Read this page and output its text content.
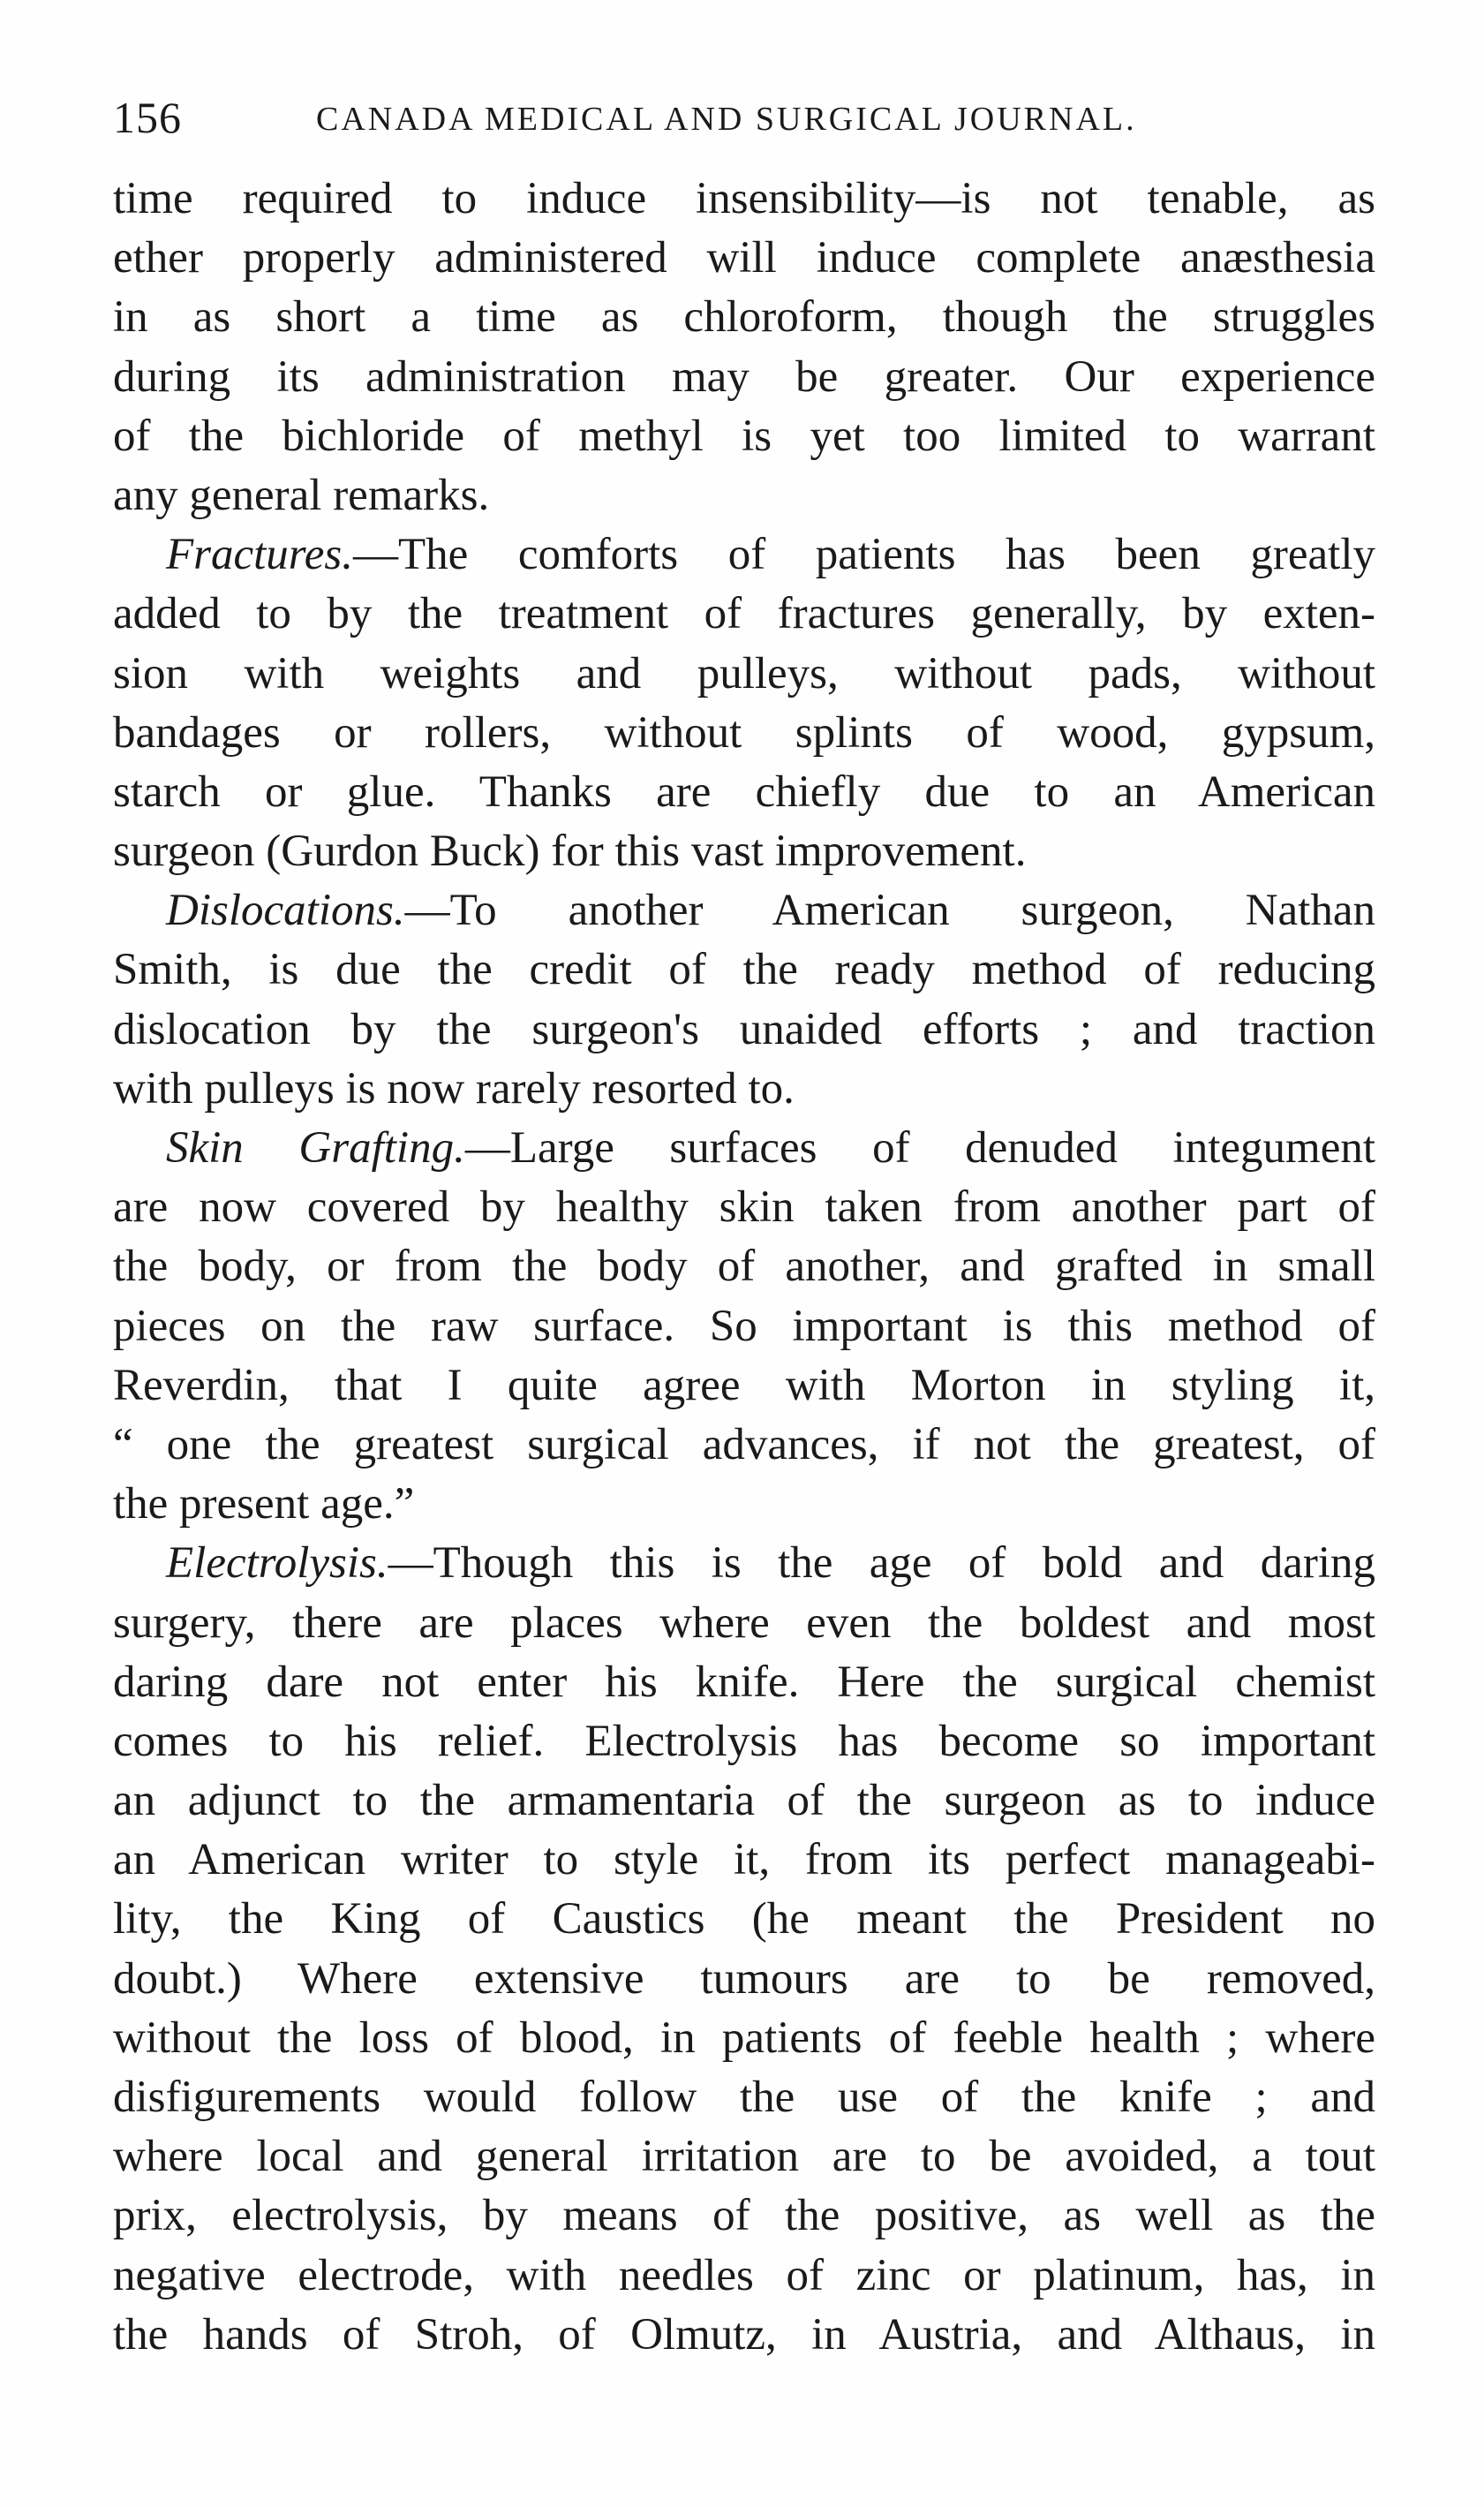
156	CANADA MEDICAL AND SURGICAL JOURNAL.
time required to induce insensibility—is not tenable, as
ether properly administered will induce complete anæsthesia
in as short a time as chloroform, though the struggles
during its administration may be greater. Our experience
of the bichloride of methyl is yet too limited to warrant
any general remarks.
Fractures.—The comforts of patients has been greatly
added to by the treatment of fractures generally, by exten-
sion with weights and pulleys, without pads, without
bandages or rollers, without splints of wood, gypsum,
starch or glue. Thanks are chiefly due to an American
surgeon (Gurdon Buck) for this vast improvement.
Dislocations.—To another American surgeon, Nathan
Smith, is due the credit of the ready method of reducing
dislocation by the surgeon's unaided efforts ; and traction
with pulleys is now rarely resorted to.
Skin Grafting.—Large surfaces of denuded integument
are now covered by healthy skin taken from another part of
the body, or from the body of another, and grafted in small
pieces on the raw surface. So important is this method of
Reverdin, that I quite agree with Morton in styling it,
“ one the greatest surgical advances, if not the greatest, of
the present age.”
Electrolysis.—Though this is the age of bold and daring
surgery, there are places where even the boldest and most
daring dare not enter his knife. Here the surgical chemist
comes to his relief. Electrolysis has become so important
an adjunct to the armamentaria of the surgeon as to induce
an American writer to style it, from its perfect manageabi-
lity, the King of Caustics (he meant the President no
doubt.) Where extensive tumours are to be removed,
without the loss of blood, in patients of feeble health ; where
disfigurements would follow the use of the knife ; and
where local and general irritation are to be avoided, a tout
prix, electrolysis, by means of the positive, as well as the
negative electrode, with needles of zinc or platinum, has, in
the hands of Stroh, of Olmutz, in Austria, and Althaus, in
